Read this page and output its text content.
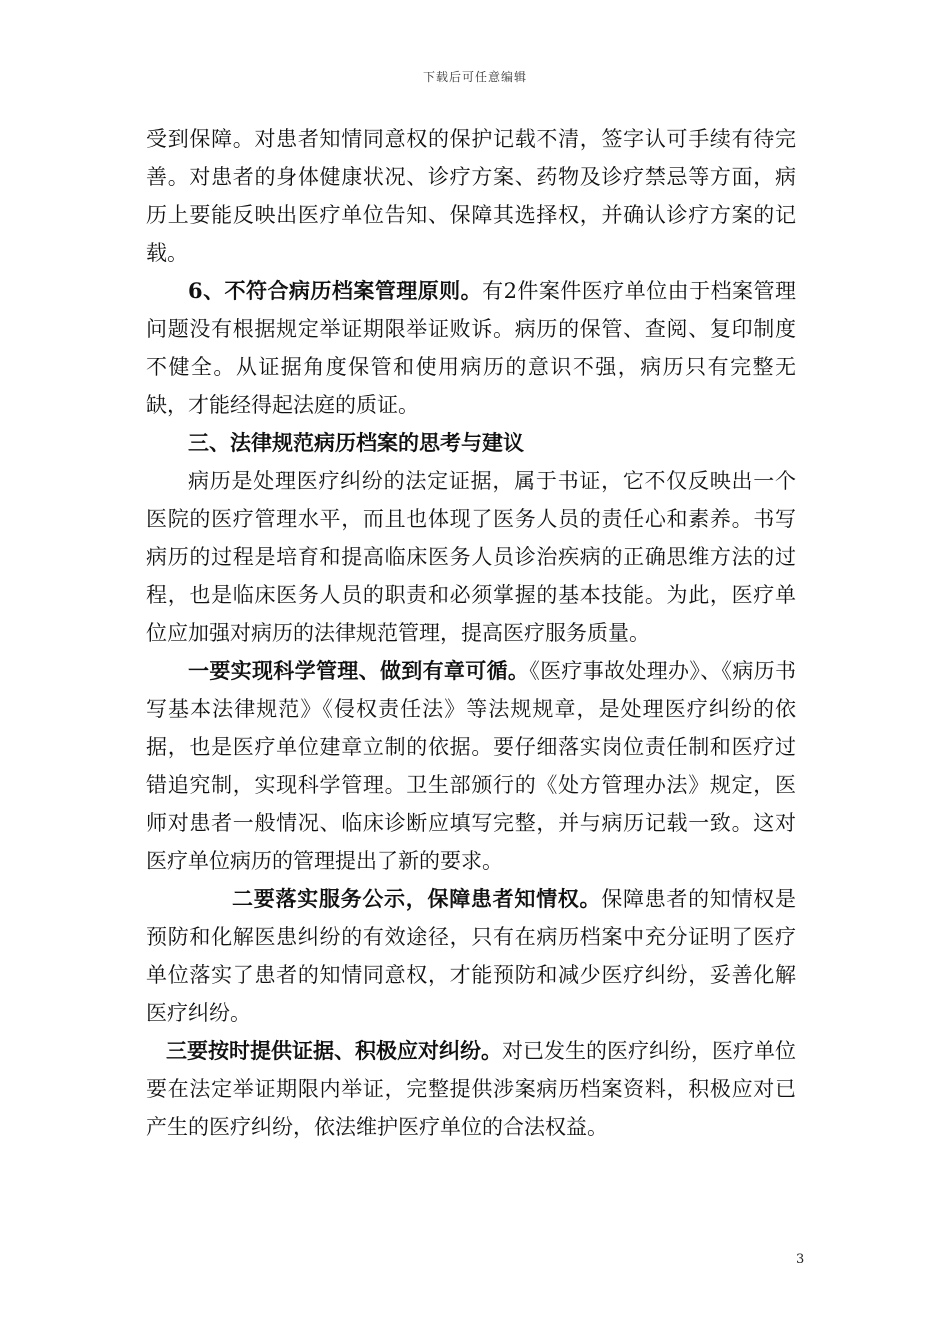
下载后可任意编辑

受到保障。对患者知情同意权的保护记载不清，签字认可手续有待完善。对患者的身体健康状况、诊疗方案、药物及诊疗禁忌等方面，病历上要能反映出医疗单位告知、保障其选择权，并确认诊疗方案的记载。

6、不符合病历档案管理原则。有2件案件医疗单位由于档案管理问题没有根据规定举证期限举证败诉。病历的保管、查阅、复印制度不健全。从证据角度保管和使用病历的意识不强，病历只有完整无缺，才能经得起法庭的质证。

三、法律规范病历档案的思考与建议

病历是处理医疗纠纷的法定证据，属于书证，它不仅反映出一个医院的医疗管理水平，而且也体现了医务人员的责任心和素养。书写病历的过程是培育和提高临床医务人员诊治疾病的正确思维方法的过程，也是临床医务人员的职责和必须掌握的基本技能。为此，医疗单位应加强对病历的法律规范管理，提高医疗服务质量。

一要实现科学管理、做到有章可循。《医疗事故处理办》、《病历书写基本法律规范》《侵权责任法》等法规规章，是处理医疗纠纷的依据，也是医疗单位建章立制的依据。要仔细落实岗位责任制和医疗过错追究制，实现科学管理。卫生部颁行的《处方管理办法》规定，医师对患者一般情况、临床诊断应填写完整，并与病历记载一致。这对医疗单位病历的管理提出了新的要求。

二要落实服务公示，保障患者知情权。保障患者的知情权是预防和化解医患纠纷的有效途径，只有在病历档案中充分证明了医疗单位落实了患者的知情同意权，才能预防和减少医疗纠纷，妥善化解医疗纠纷。

三要按时提供证据、积极应对纠纷。对已发生的医疗纠纷，医疗单位要在法定举证期限内举证，完整提供涉案病历档案资料，积极应对已产生的医疗纠纷，依法维护医疗单位的合法权益。

3
